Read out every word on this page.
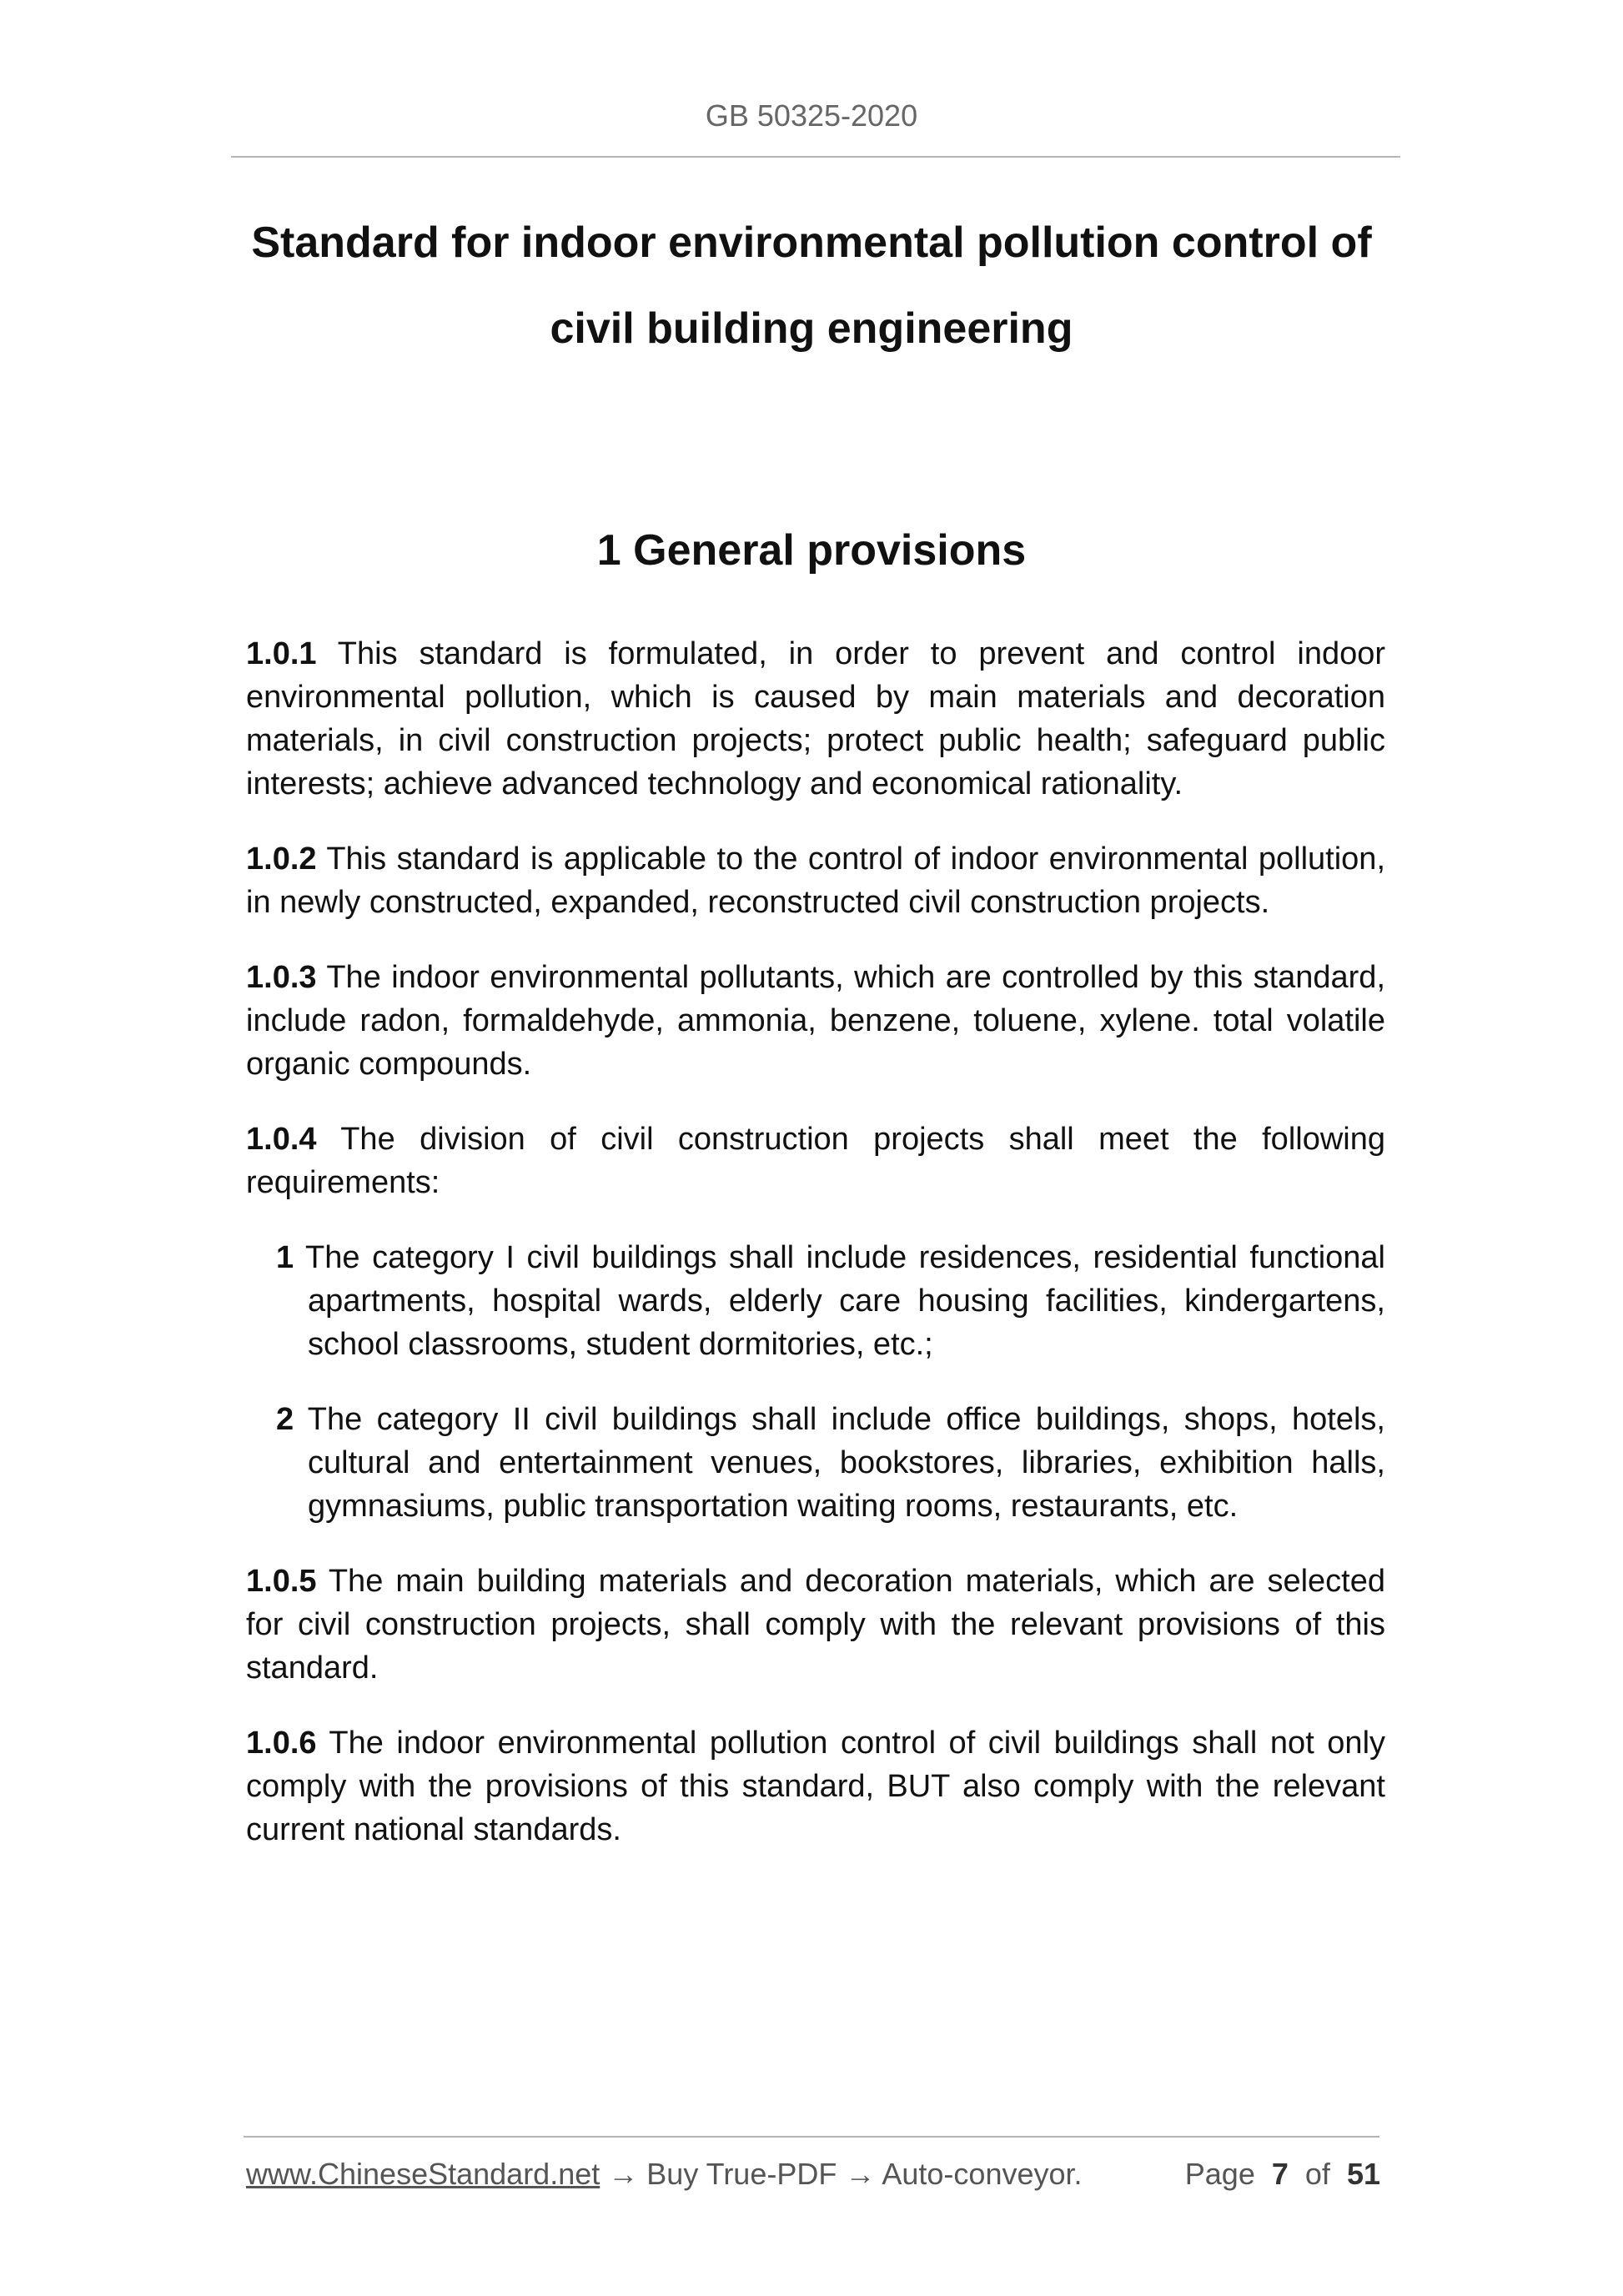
GB 50325-2020
Standard for indoor environmental pollution control of
civil building engineering
1 General provisions

1.0.1 This standard is formulated, in order to prevent and control indoor environmental pollution, which is caused by main materials and decoration materials, in civil construction projects; protect public health; safeguard public interests; achieve advanced technology and economical rationality.

1.0.2 This standard is applicable to the control of indoor environmental pollution, in newly constructed, expanded, reconstructed civil construction projects.

1.0.3 The indoor environmental pollutants, which are controlled by this standard, include radon, formaldehyde, ammonia, benzene, toluene, xylene. total volatile organic compounds.

1.0.4 The division of civil construction projects shall meet the following requirements:

1 The category I civil buildings shall include residences, residential functional apartments, hospital wards, elderly care housing facilities, kindergartens, school classrooms, student dormitories, etc.;

2 The category II civil buildings shall include office buildings, shops, hotels, cultural and entertainment venues, bookstores, libraries, exhibition halls, gymnasiums, public transportation waiting rooms, restaurants, etc.

1.0.5 The main building materials and decoration materials, which are selected for civil construction projects, shall comply with the relevant provisions of this standard.

1.0.6 The indoor environmental pollution control of civil buildings shall not only comply with the provisions of this standard, BUT also comply with the relevant current national standards.

www.ChineseStandard.net → Buy True-PDF → Auto-conveyor.	Page 7 of 51
